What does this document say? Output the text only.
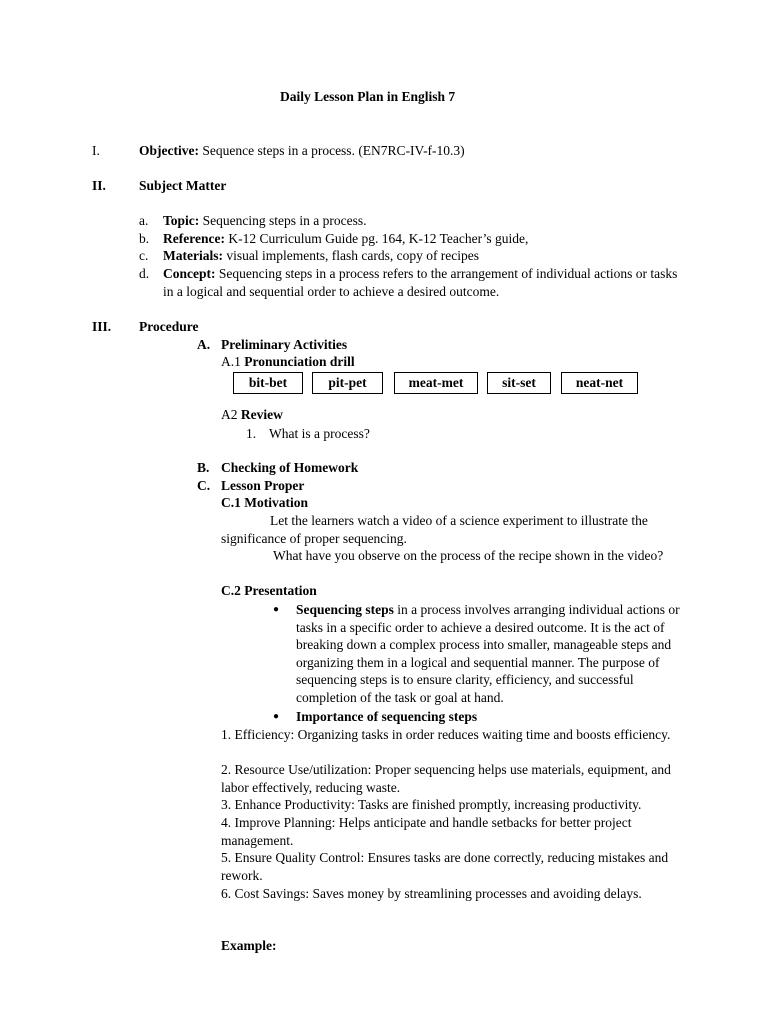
Daily Lesson Plan in English 7
I.	Objective: Sequence steps in a process. (EN7RC-IV-f-10.3)
II. Subject Matter
a. Topic: Sequencing steps in a process.
b. Reference: K-12 Curriculum Guide pg. 164, K-12 Teacher’s guide,
c. Materials: visual implements, flash cards, copy of recipes
d. Concept: Sequencing steps in a process refers to the arrangement of individual actions or tasks in a logical and sequential order to achieve a desired outcome.
III. Procedure
A. Preliminary Activities
A.1 Pronunciation drill
bit-bet	pit-pet	meat-met	sit-set	neat-net
A2 Review
1. What is a process?
B. Checking of Homework
C. Lesson Proper
C.1 Motivation
Let the learners watch a video of a science experiment to illustrate the significance of proper sequencing.
What have you observe on the process of the recipe shown in the video?
C.2 Presentation
● Sequencing steps in a process involves arranging individual actions or tasks in a specific order to achieve a desired outcome. It is the act of breaking down a complex process into smaller, manageable steps and organizing them in a logical and sequential manner. The purpose of sequencing steps is to ensure clarity, efficiency, and successful completion of the task or goal at hand.
● Importance of sequencing steps
1. Efficiency: Organizing tasks in order reduces waiting time and boosts efficiency.
2. Resource Use/utilization: Proper sequencing helps use materials, equipment, and labor effectively, reducing waste.
3. Enhance Productivity: Tasks are finished promptly, increasing productivity.
4. Improve Planning: Helps anticipate and handle setbacks for better project management.
5. Ensure Quality Control: Ensures tasks are done correctly, reducing mistakes and rework.
6. Cost Savings: Saves money by streamlining processes and avoiding delays.
Example:
